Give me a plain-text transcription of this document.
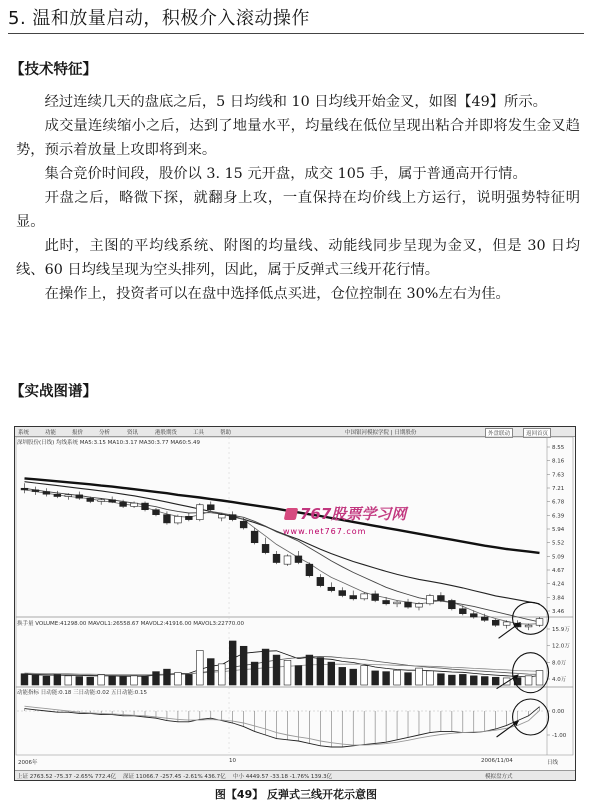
5. 温和放量启动，积极介入滚动操作
【技术特征】

经过连续几天的盘底之后，5 日均线和 10 日均线开始金叉，如图【49】所示。

成交量连续缩小之后，达到了地量水平，均量线在低位呈现出粘合并即将发生金叉趋势，预示着放量上攻即将到来。

集合竞价时间段，股价以 3. 15 元开盘，成交 105 手，属于普通高开行情。

开盘之后，略微下探，就翻身上攻，一直保持在均价线上方运行，说明强势特征明显。

此时，主图的平均线系统、附图的均量线、动能线同步呈现为金叉，但是 30 日均线、60 日均线呈现为空头排列，因此，属于反弹式三线开花行情。

在操作上，投资者可以在盘中选择低点买进，仓位控制在 30%左右为佳。

【实战图谱】
系统	功能	报价	分析	资讯	港股期货	工具	帮助	中国银河模拟学院 | 日期股份	外盘联动	返回首页
深圳股份(日线) 均线系统 MA5:3.15 MA10:3.17 MA30:3.77 MA60:5.49
换手量 VOLUME:41298.00 MAVOL1:26558.67 MAVOL2:41916.00 MAVOL3:22770.00
动能指标 日动能:0.18 三日动能:0.02 五日动能:0.15
8.55
8.16
7.63
7.21
6.78
6.39
5.94
5.52
5.09
4.67
4.24
3.84
3.46
15.9万
12.0万
8.0万
4.0万
0.00
-1.00
767股票学习网
www.net767.com
2006年	10	2006/11/04	日线
上证 2763.52 -75.37 -2.65% 772.4亿 深证 11066.7 -257.45 -2.61% 436.7亿 中小 4449.57 -33.18 -1.76% 139.3亿	模拟盘方式
图【49】 反弹式三线开花示意图
